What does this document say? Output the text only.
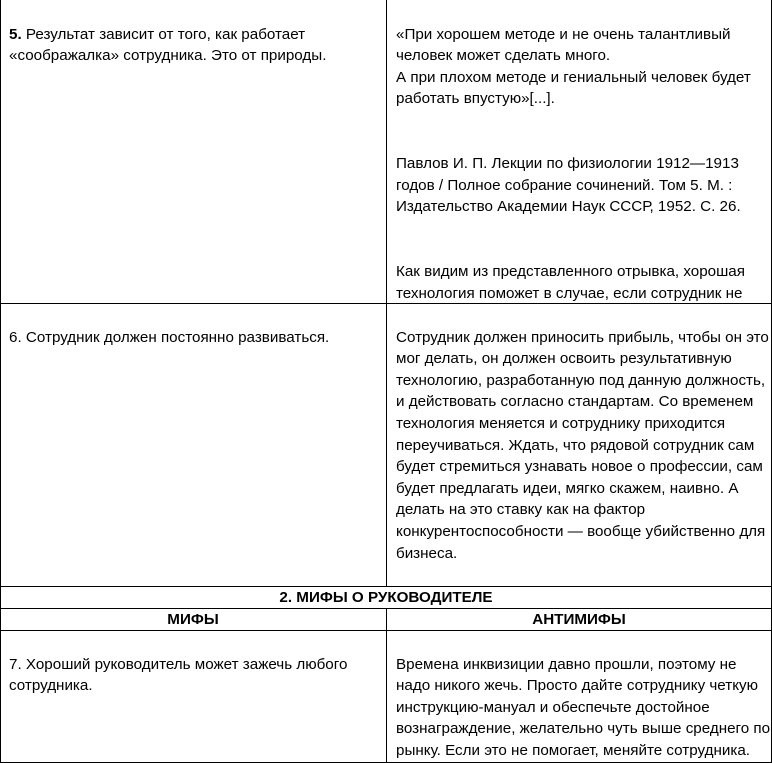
5. Результат зависит от того, как работает «соображалка» сотрудника. Это от природы.

«При хорошем методе и не очень талантливый человек может сделать много.
А при плохом методе и гениальный человек будет работать впустую»[...].

Павлов И. П. Лекции по физиологии 1912—1913 годов / Полное собрание сочинений. Том 5. М. : Издательство Академии Наук СССР, 1952. С. 26.

Как видим из представленного отрывка, хорошая технология поможет в случае, если сотрудник не

6. Сотрудник должен постоянно развиваться.	Сотрудник должен приносить прибыль, чтобы он это мог делать, он должен освоить результативную технологию, разработанную под данную должность, и действовать согласно стандартам. Со временем технология меняется и сотруднику приходится переучиваться. Ждать, что рядовой сотрудник сам будет стремиться узнавать новое о профессии, сам будет предлагать идеи, мягко скажем, наивно. А делать на это ставку как на фактор конкурентоспособности — вообще убийственно для бизнеса.

2. МИФЫ О РУКОВОДИТЕЛЕ
МИФЫ	АНТИМИФЫ

7. Хороший руководитель может зажечь любого сотрудника.

Времена инквизиции давно прошли, поэтому не надо никого жечь. Просто дайте сотруднику четкую инструкцию-мануал и обеспечьте достойное вознаграждение, желательно чуть выше среднего по рынку. Если это не помогает, меняйте сотрудника.
